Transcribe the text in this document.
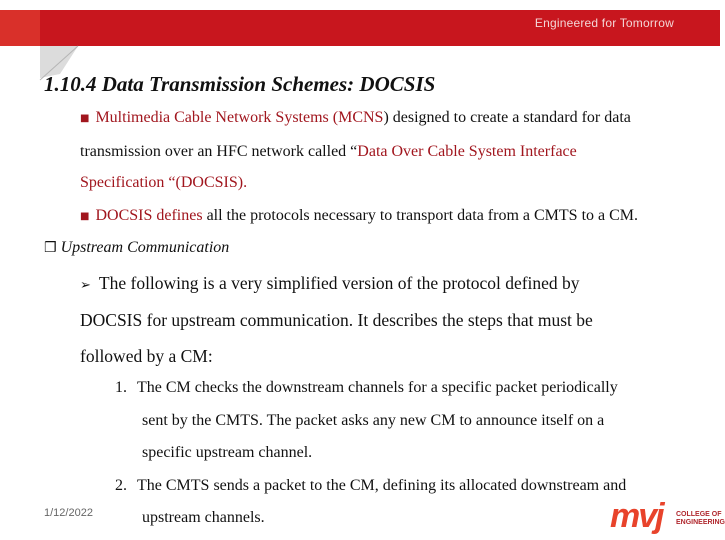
Engineered for Tomorrow
1.10.4 Data Transmission Schemes: DOCSIS
■ Multimedia Cable Network Systems (MCNS) designed to create a standard for data
transmission over an HFC network called “Data Over Cable System Interface
Specification “(DOCSIS).
■ DOCSIS defines all the protocols necessary to transport data from a CMTS to a CM.
❒ Upstream Communication
➢ The following is a very simplified version of the protocol defined by
DOCSIS for upstream communication. It describes the steps that must be
followed by a CM:
1. The CM checks the downstream channels for a specific packet periodically
sent by the CMTS. The packet asks any new CM to announce itself on a
specific upstream channel.
2. The CMTS sends a packet to the CM, defining its allocated downstream and
upstream channels.
1/12/2022	mvj COLLEGE OF
ENGINEERING
